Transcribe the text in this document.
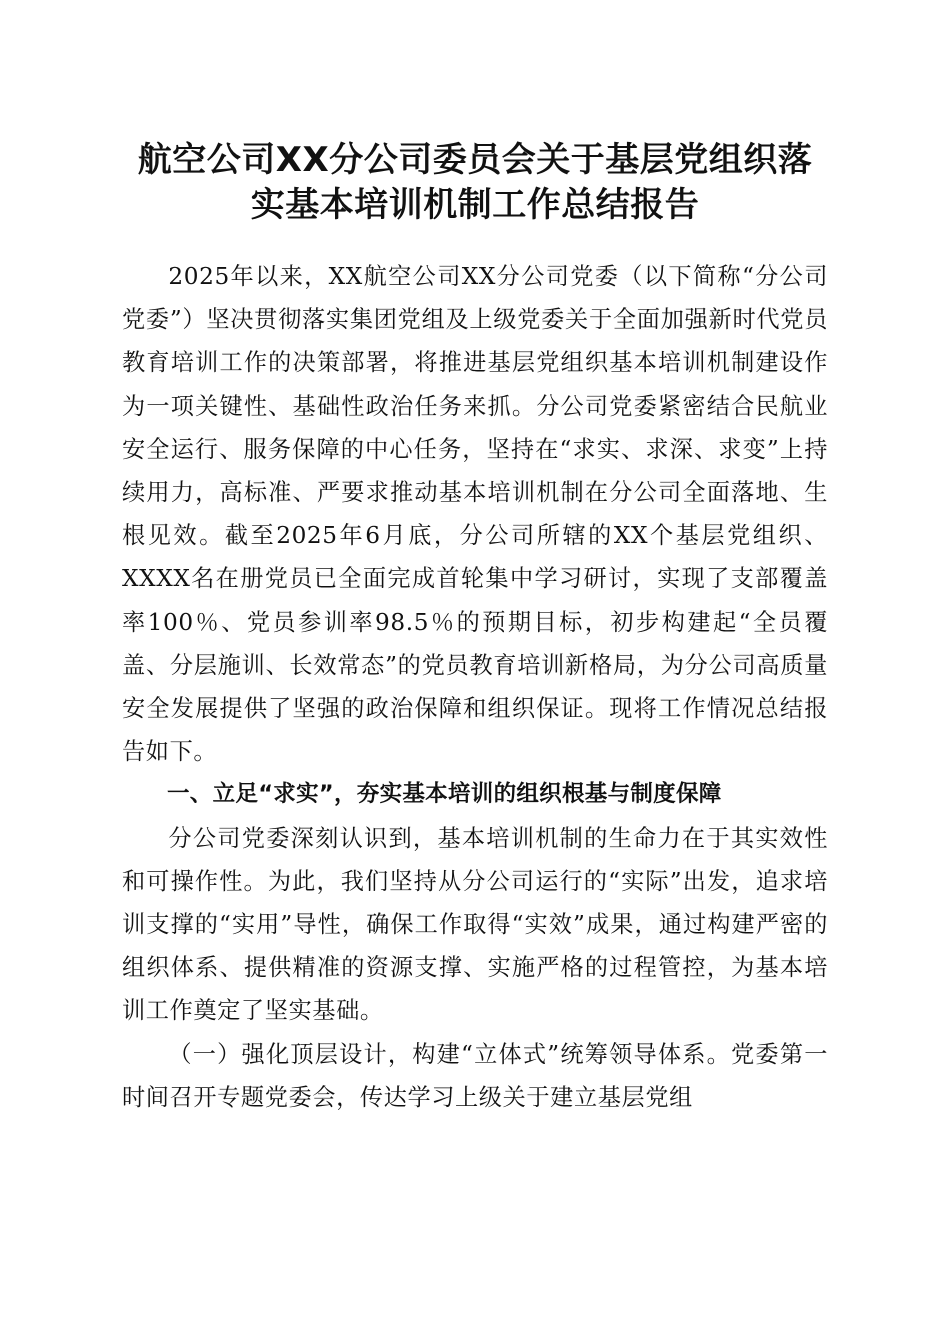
航空公司XX分公司委员会关于基层党组织落
实基本培训机制工作总结报告

2025年以来，XX航空公司XX分公司党委（以下简称“分公司党委”）坚决贯彻落实集团党组及上级党委关于全面加强新时代党员教育培训工作的决策部署，将推进基层党组织基本培训机制建设作为一项关键性、基础性政治任务来抓。分公司党委紧密结合民航业安全运行、服务保障的中心任务，坚持在“求实、求深、求变”上持续用力，高标准、严要求推动基本培训机制在分公司全面落地、生根见效。截至2025年6月底，分公司所辖的XX个基层党组织、XXXX名在册党员已全面完成首轮集中学习研讨，实现了支部覆盖率100％、党员参训率98.5％的预期目标，初步构建起“全员覆盖、分层施训、长效常态”的党员教育培训新格局，为分公司高质量安全发展提供了坚强的政治保障和组织保证。现将工作情况总结报告如下。

一、立足“求实”，夯实基本培训的组织根基与制度保障

分公司党委深刻认识到，基本培训机制的生命力在于其实效性和可操作性。为此，我们坚持从分公司运行的“实际”出发，追求培训支撑的“实用”导性，确保工作取得“实效”成果，通过构建严密的组织体系、提供精准的资源支撑、实施严格的过程管控，为基本培训工作奠定了坚实基础。

（一）强化顶层设计，构建“立体式”统筹领导体系。党委第一时间召开专题党委会，传达学习上级关于建立基层党组
